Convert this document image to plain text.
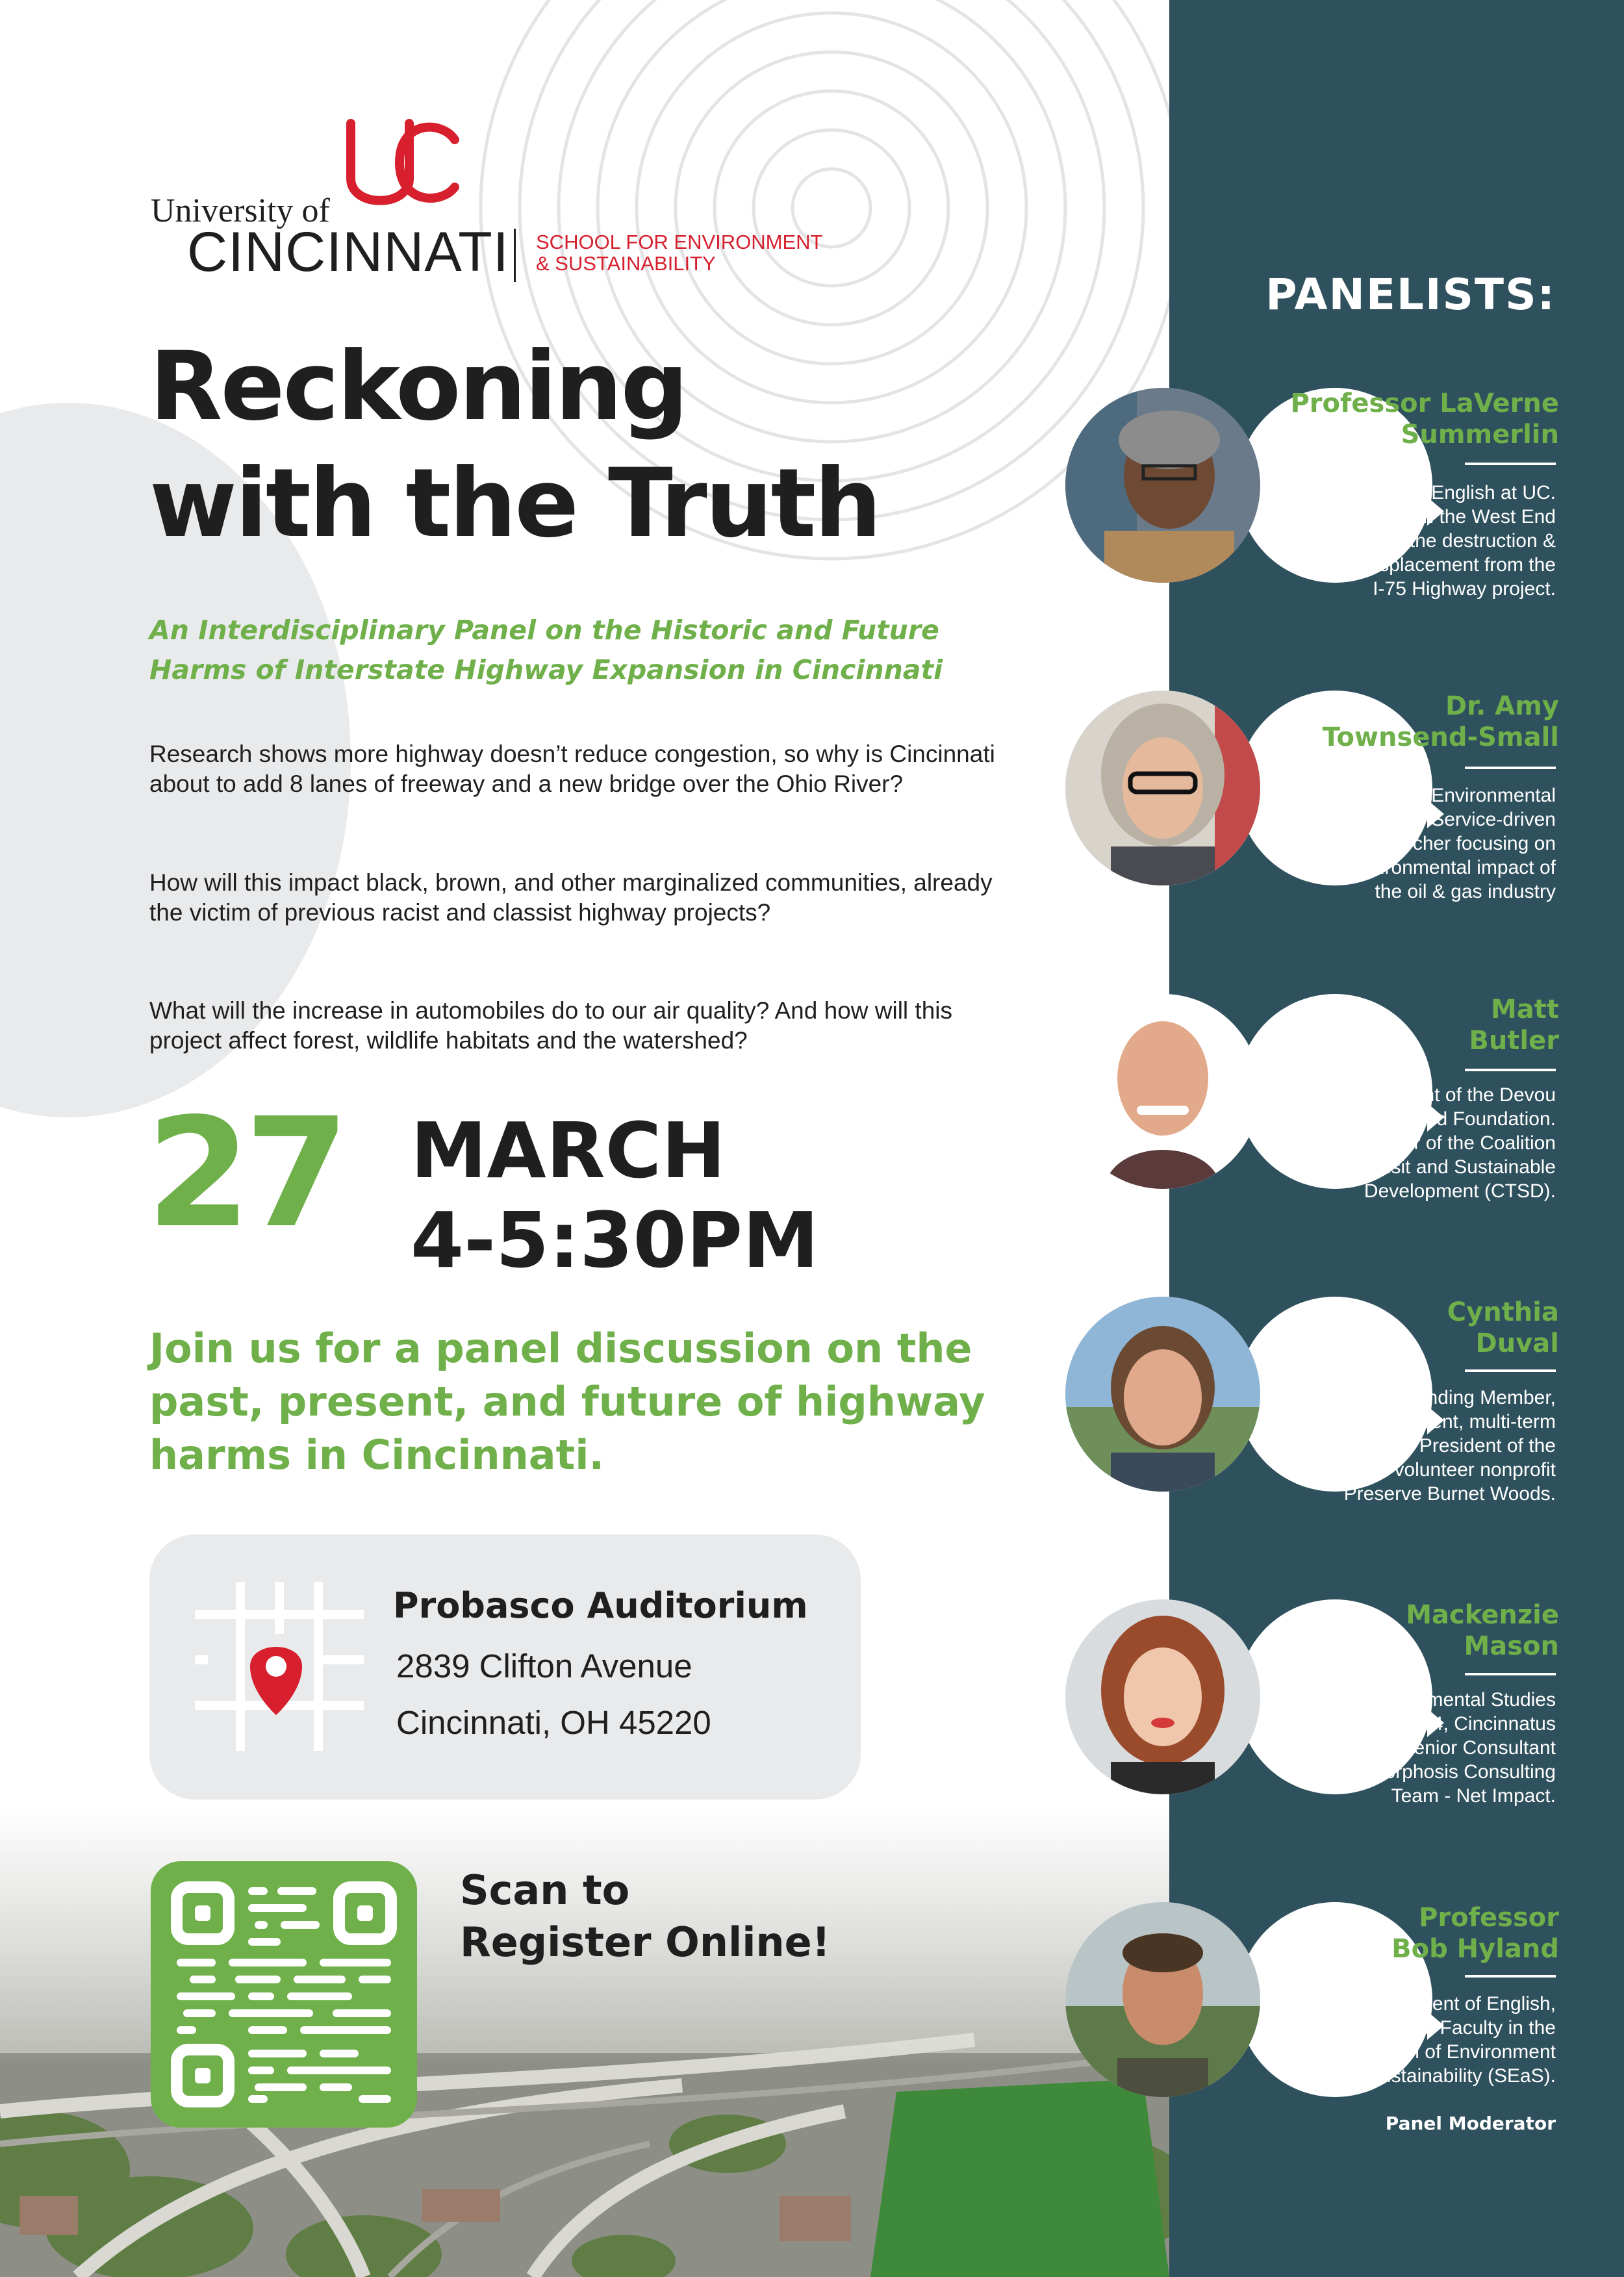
PANELISTS:
Professor LaVerne
Summerlin
Professor of English at UC.
Grew up in the West End
during the destruction &
displacement from the
I-75 Highway project.
Dr. Amy
Townsend-Small
Professor of Environmental
Science. Service-driven
researcher focusing on
environmental impact of
the oil & gas industry
Matt
Butler
President of the Devou
Good Foundation.
Member of the Coalition
for Transit and Sustainable
Development (CTSD).
Cynthia
Duval
Founding Member,
and current, multi-term
President of the
all-volunteer nonprofit
Preserve Burnet Woods.
Mackenzie
Mason
Environmental Studies
Class of 2024, Cincinnatus
Scholar, Senior Consultant
on Metamorphosis Consulting
Team - Net Impact.
Professor
Bob Hyland
Department of English,
Affiliate Faculty in the
UC School of Environment
and Sustainability (SEaS).
Panel Moderator
University of
CINCINNATI SCHOOL FOR ENVIRONMENT
& SUSTAINABILITY
Reckoning
with the Truth
An Interdisciplinary Panel on the Historic and Future
Harms of Interstate Highway Expansion in Cincinnati
Research shows more highway doesn’t reduce congestion, so why is Cincinnati about to add 8 lanes of freeway and a new bridge over the Ohio River?
How will this impact black, brown, and other marginalized communities, already the victim of previous racist and classist highway projects?
What will the increase in automobiles do to our air quality? And how will this project affect forest, wildlife habitats and the watershed?
27 MARCH
4-5:30PM
Join us for a panel discussion on the past, present, and future of highway harms in Cincinnati.
Probasco Auditorium
2839 Clifton Avenue
Cincinnati, OH 45220
Scan to
Register Online!
